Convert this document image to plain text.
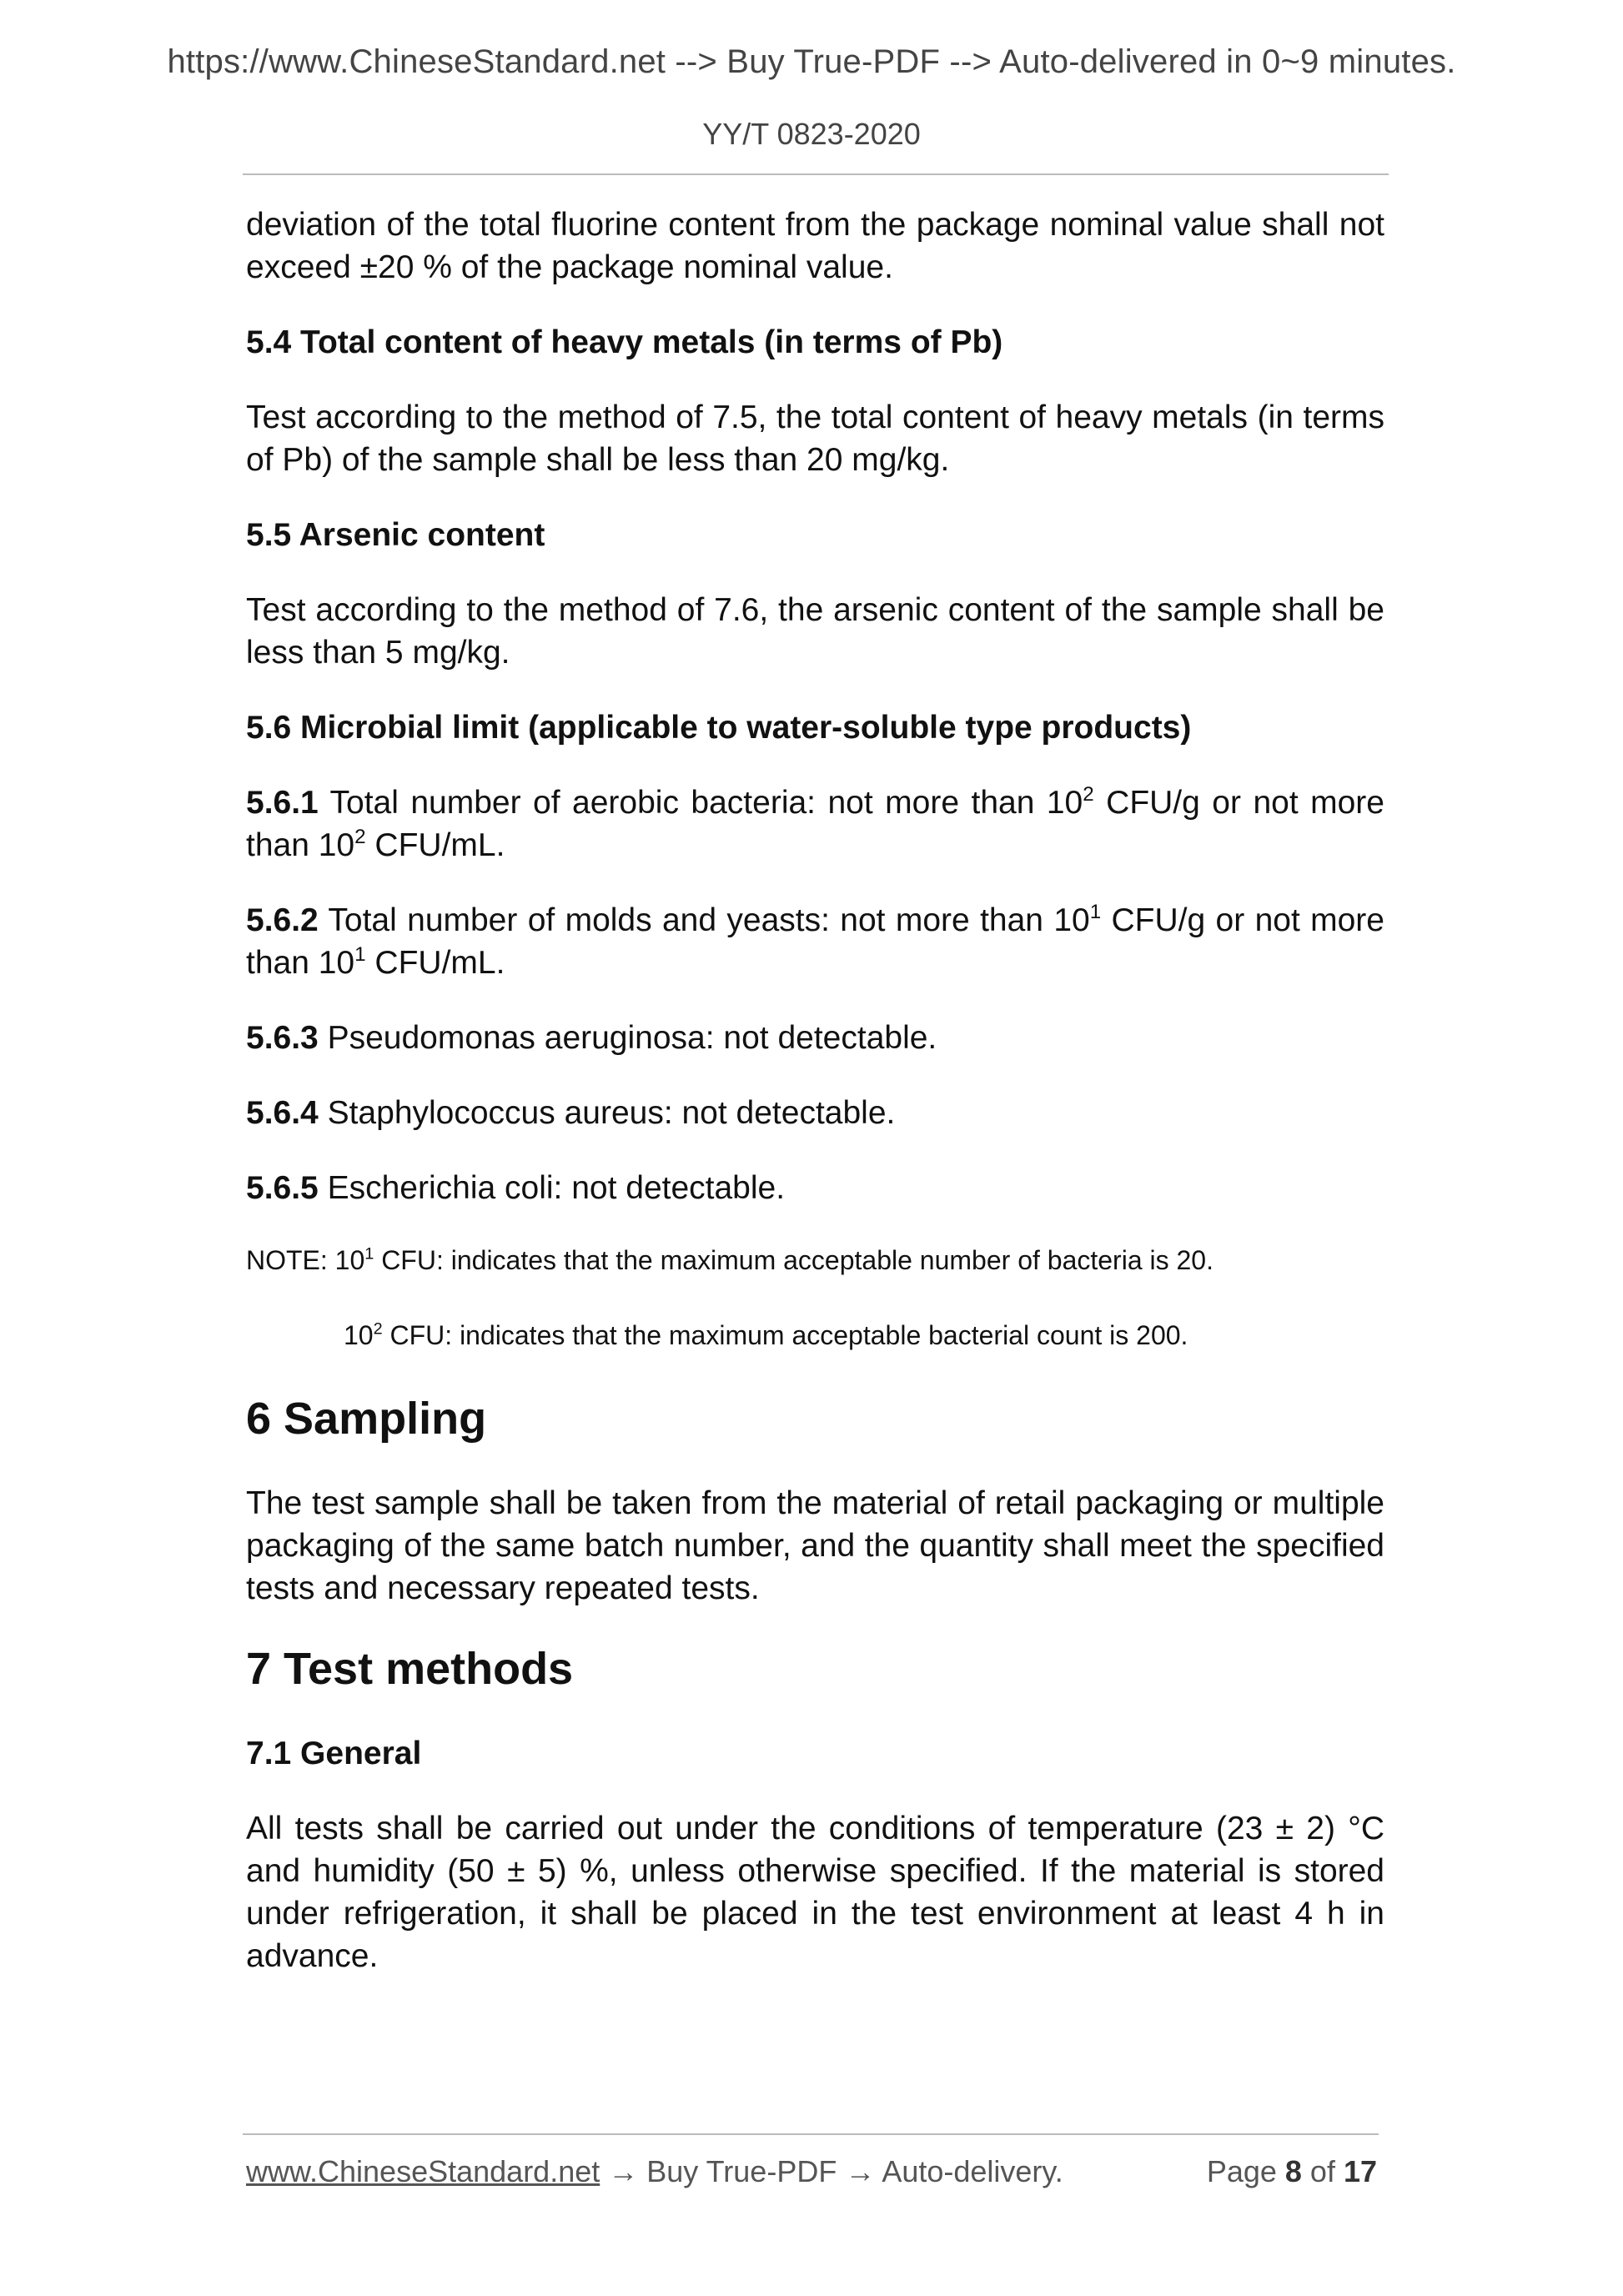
https://www.ChineseStandard.net --> Buy True-PDF --> Auto-delivered in 0~9 minutes.
YY/T 0823-2020

deviation of the total fluorine content from the package nominal value shall not exceed ±20 % of the package nominal value.

5.4 Total content of heavy metals (in terms of Pb)

Test according to the method of 7.5, the total content of heavy metals (in terms of Pb) of the sample shall be less than 20 mg/kg.

5.5 Arsenic content

Test according to the method of 7.6, the arsenic content of the sample shall be less than 5 mg/kg.

5.6 Microbial limit (applicable to water-soluble type products)

5.6.1 Total number of aerobic bacteria: not more than $10^2$ CFU/g or not more than $10^2$ CFU/mL.

5.6.2 Total number of molds and yeasts: not more than $10^1$ CFU/g or not more than $10^1$ CFU/mL.

5.6.3 Pseudomonas aeruginosa: not detectable.

5.6.4 Staphylococcus aureus: not detectable.

5.6.5 Escherichia coli: not detectable.

NOTE: $10^1$ CFU: indicates that the maximum acceptable number of bacteria is 20.
$10^2$ CFU: indicates that the maximum acceptable bacterial count is 200.
6 Sampling

The test sample shall be taken from the material of retail packaging or multiple packaging of the same batch number, and the quantity shall meet the specified tests and necessary repeated tests.

7 Test methods
7.1 General

All tests shall be carried out under the conditions of temperature (23 ± 2) °C and humidity (50 ± 5) %, unless otherwise specified. If the material is stored under refrigeration, it shall be placed in the test environment at least 4 h in advance.

www.ChineseStandard.net → Buy True-PDF → Auto-delivery.	Page 8 of 17
